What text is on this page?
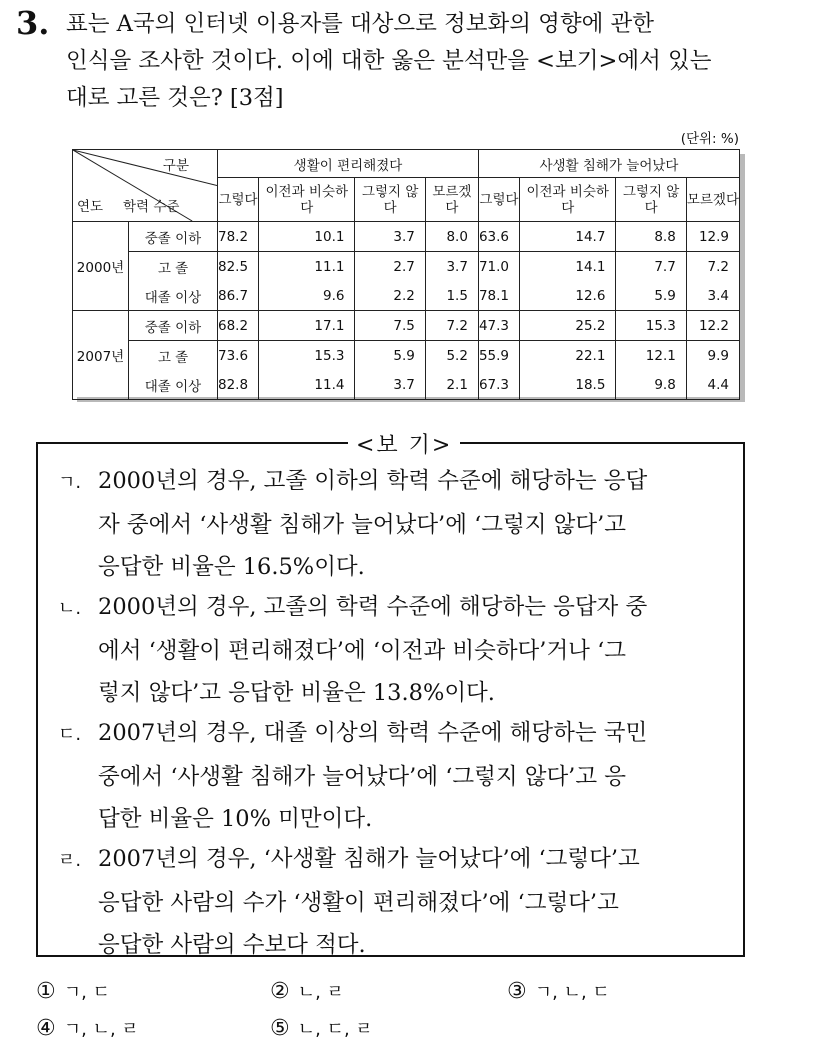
3. 표는 A국의 인터넷 이용자를 대상으로 정보화의 영향에 관한
인식을 조사한 것이다. 이에 대한 옳은 분석만을 <보기>에서 있는
대로 고른 것은? [3점]
(단위: %)
구분
연도 학력 수준		생활이 편리해졌다				사생활 침해가 늘어났다			
		그렇다	이전과 비슷하다	그렇지 않다	모르겠다	그렇다	이전과 비슷하다	그렇지 않다	모르겠다
2000년	중졸 이하	78.2	10.1	3.7	8.0	63.6	14.7	8.8	12.9
	고 졸	82.5	11.1	2.7	3.7	71.0	14.1	7.7	7.2
	대졸 이상	86.7	9.6	2.2	1.5	78.1	12.6	5.9	3.4
2007년	중졸 이하	68.2	17.1	7.5	7.2	47.3	25.2	15.3	12.2
	고 졸	73.6	15.3	5.9	5.2	55.9	22.1	12.1	9.9
	대졸 이상	82.8	11.4	3.7	2.1	67.3	18.5	9.8	4.4
<보 기>
ㄱ. 2000년의 경우, 고졸 이하의 학력 수준에 해당하는 응답
자 중에서 ‘사생활 침해가 늘어났다’에 ‘그렇지 않다’고
응답한 비율은 16.5%이다.
ㄴ. 2000년의 경우, 고졸의 학력 수준에 해당하는 응답자 중
에서 ‘생활이 편리해졌다’에 ‘이전과 비슷하다’거나 ‘그
렇지 않다’고 응답한 비율은 13.8%이다.
ㄷ. 2007년의 경우, 대졸 이상의 학력 수준에 해당하는 국민
중에서 ‘사생활 침해가 늘어났다’에 ‘그렇지 않다’고 응
답한 비율은 10% 미만이다.
ㄹ. 2007년의 경우, ‘사생활 침해가 늘어났다’에 ‘그렇다’고
응답한 사람의 수가 ‘생활이 편리해졌다’에 ‘그렇다’고
응답한 사람의 수보다 적다.
① ㄱ, ㄷ	② ㄴ, ㄹ	③ ㄱ, ㄴ, ㄷ
④ ㄱ, ㄴ, ㄹ	⑤ ㄴ, ㄷ, ㄹ
